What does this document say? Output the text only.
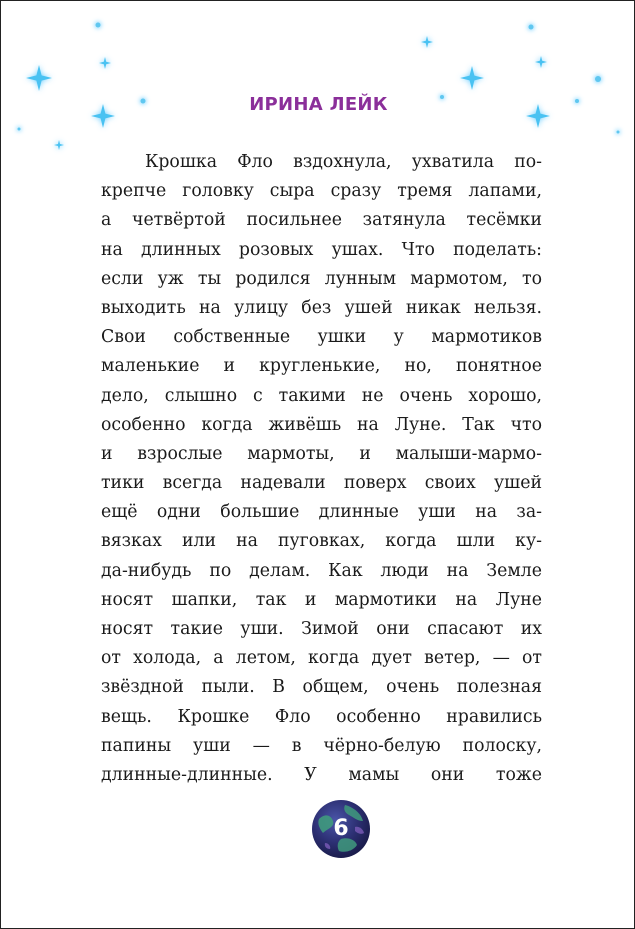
ИРИНА ЛЕЙК
Крошка Фло вздохнула, ухватила по-
крепче головку сыра сразу тремя лапами,
а четвёртой посильнее затянула тесёмки
на длинных розовых ушах. Что поделать:
если уж ты родился лунным мармотом, то
выходить на улицу без ушей никак нельзя.
Свои собственные ушки у мармотиков
маленькие и кругленькие, но, понятное
дело, слышно с такими не очень хорошо,
особенно когда живёшь на Луне. Так что
и взрослые мармоты, и малыши-мармо-
тики всегда надевали поверх своих ушей
ещё одни большие длинные уши на за-
вязках или на пуговках, когда шли ку-
да-нибудь по делам. Как люди на Земле
носят шапки, так и мармотики на Луне
носят такие уши. Зимой они спасают их
от холода, а летом, когда дует ветер, — от
звёздной пыли. В общем, очень полезная
вещь. Крошке Фло особенно нравились
папины уши — в чёрно-белую полоску,
длинные-длинные. У мамы они тоже
6
